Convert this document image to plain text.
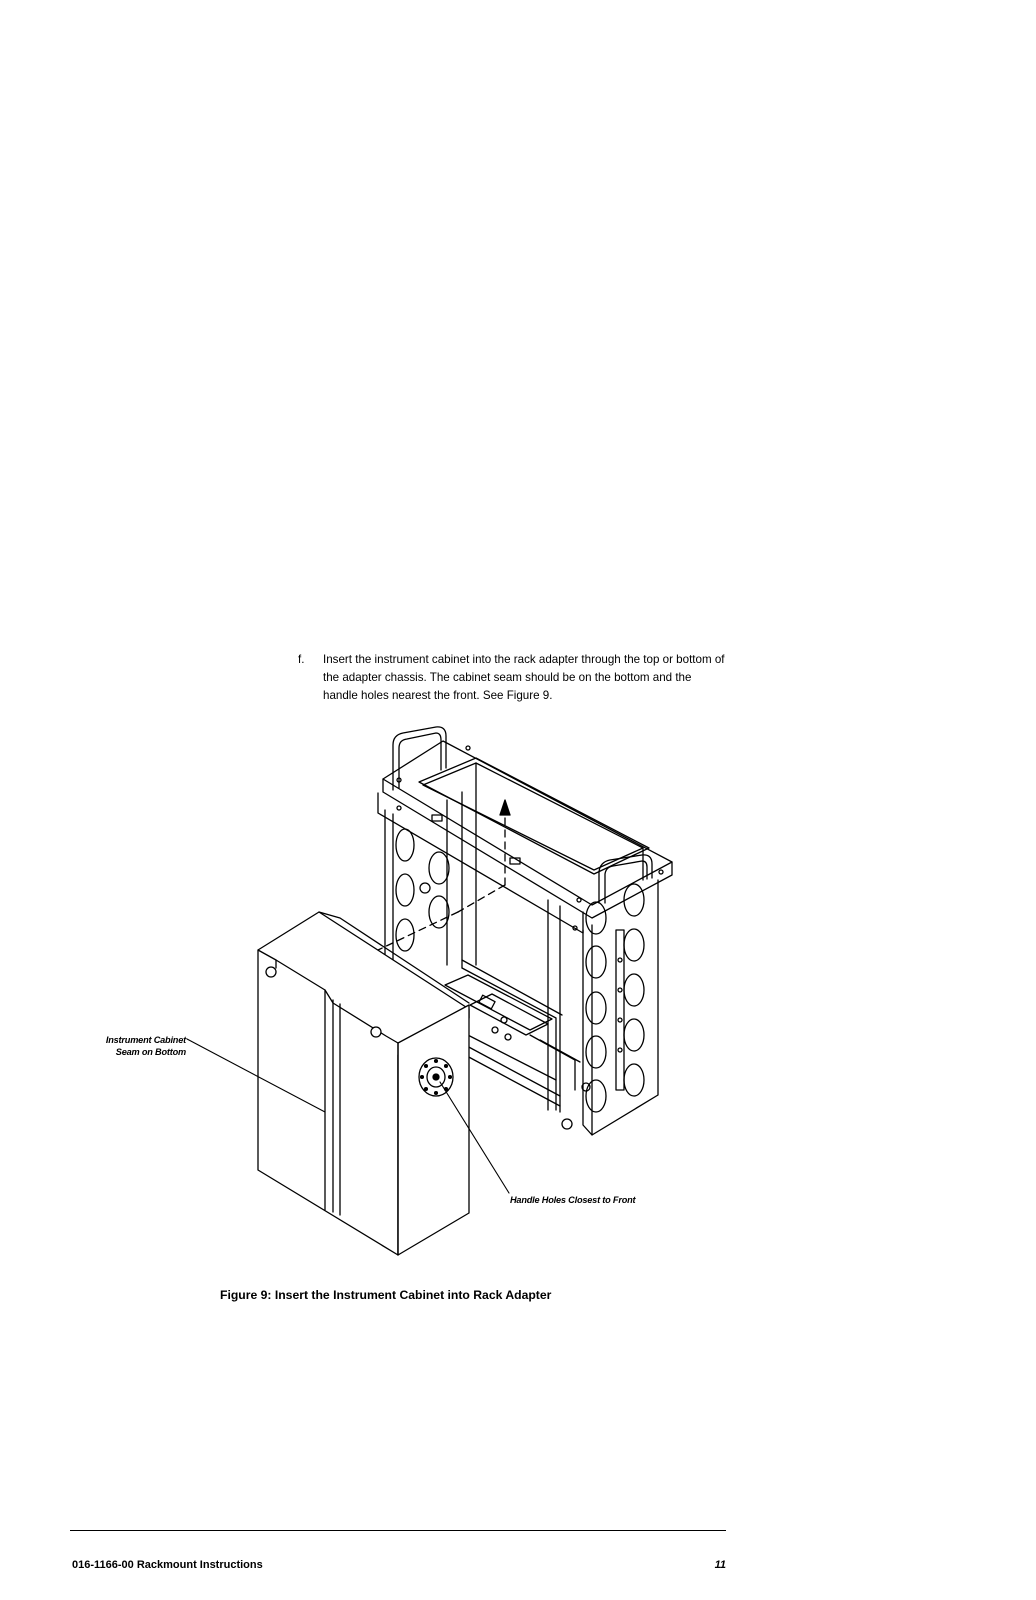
f. Insert the instrument cabinet into the rack adapter through the top or bottom of the adapter chassis. The cabinet seam should be on the bottom and the handle holes nearest the front. See Figure 9.
Instrument Cabinet
Seam on Bottom
Handle Holes Closest to Front
Figure 9: Insert the Instrument Cabinet into Rack Adapter
016-1166-00 Rackmount Instructions	11
